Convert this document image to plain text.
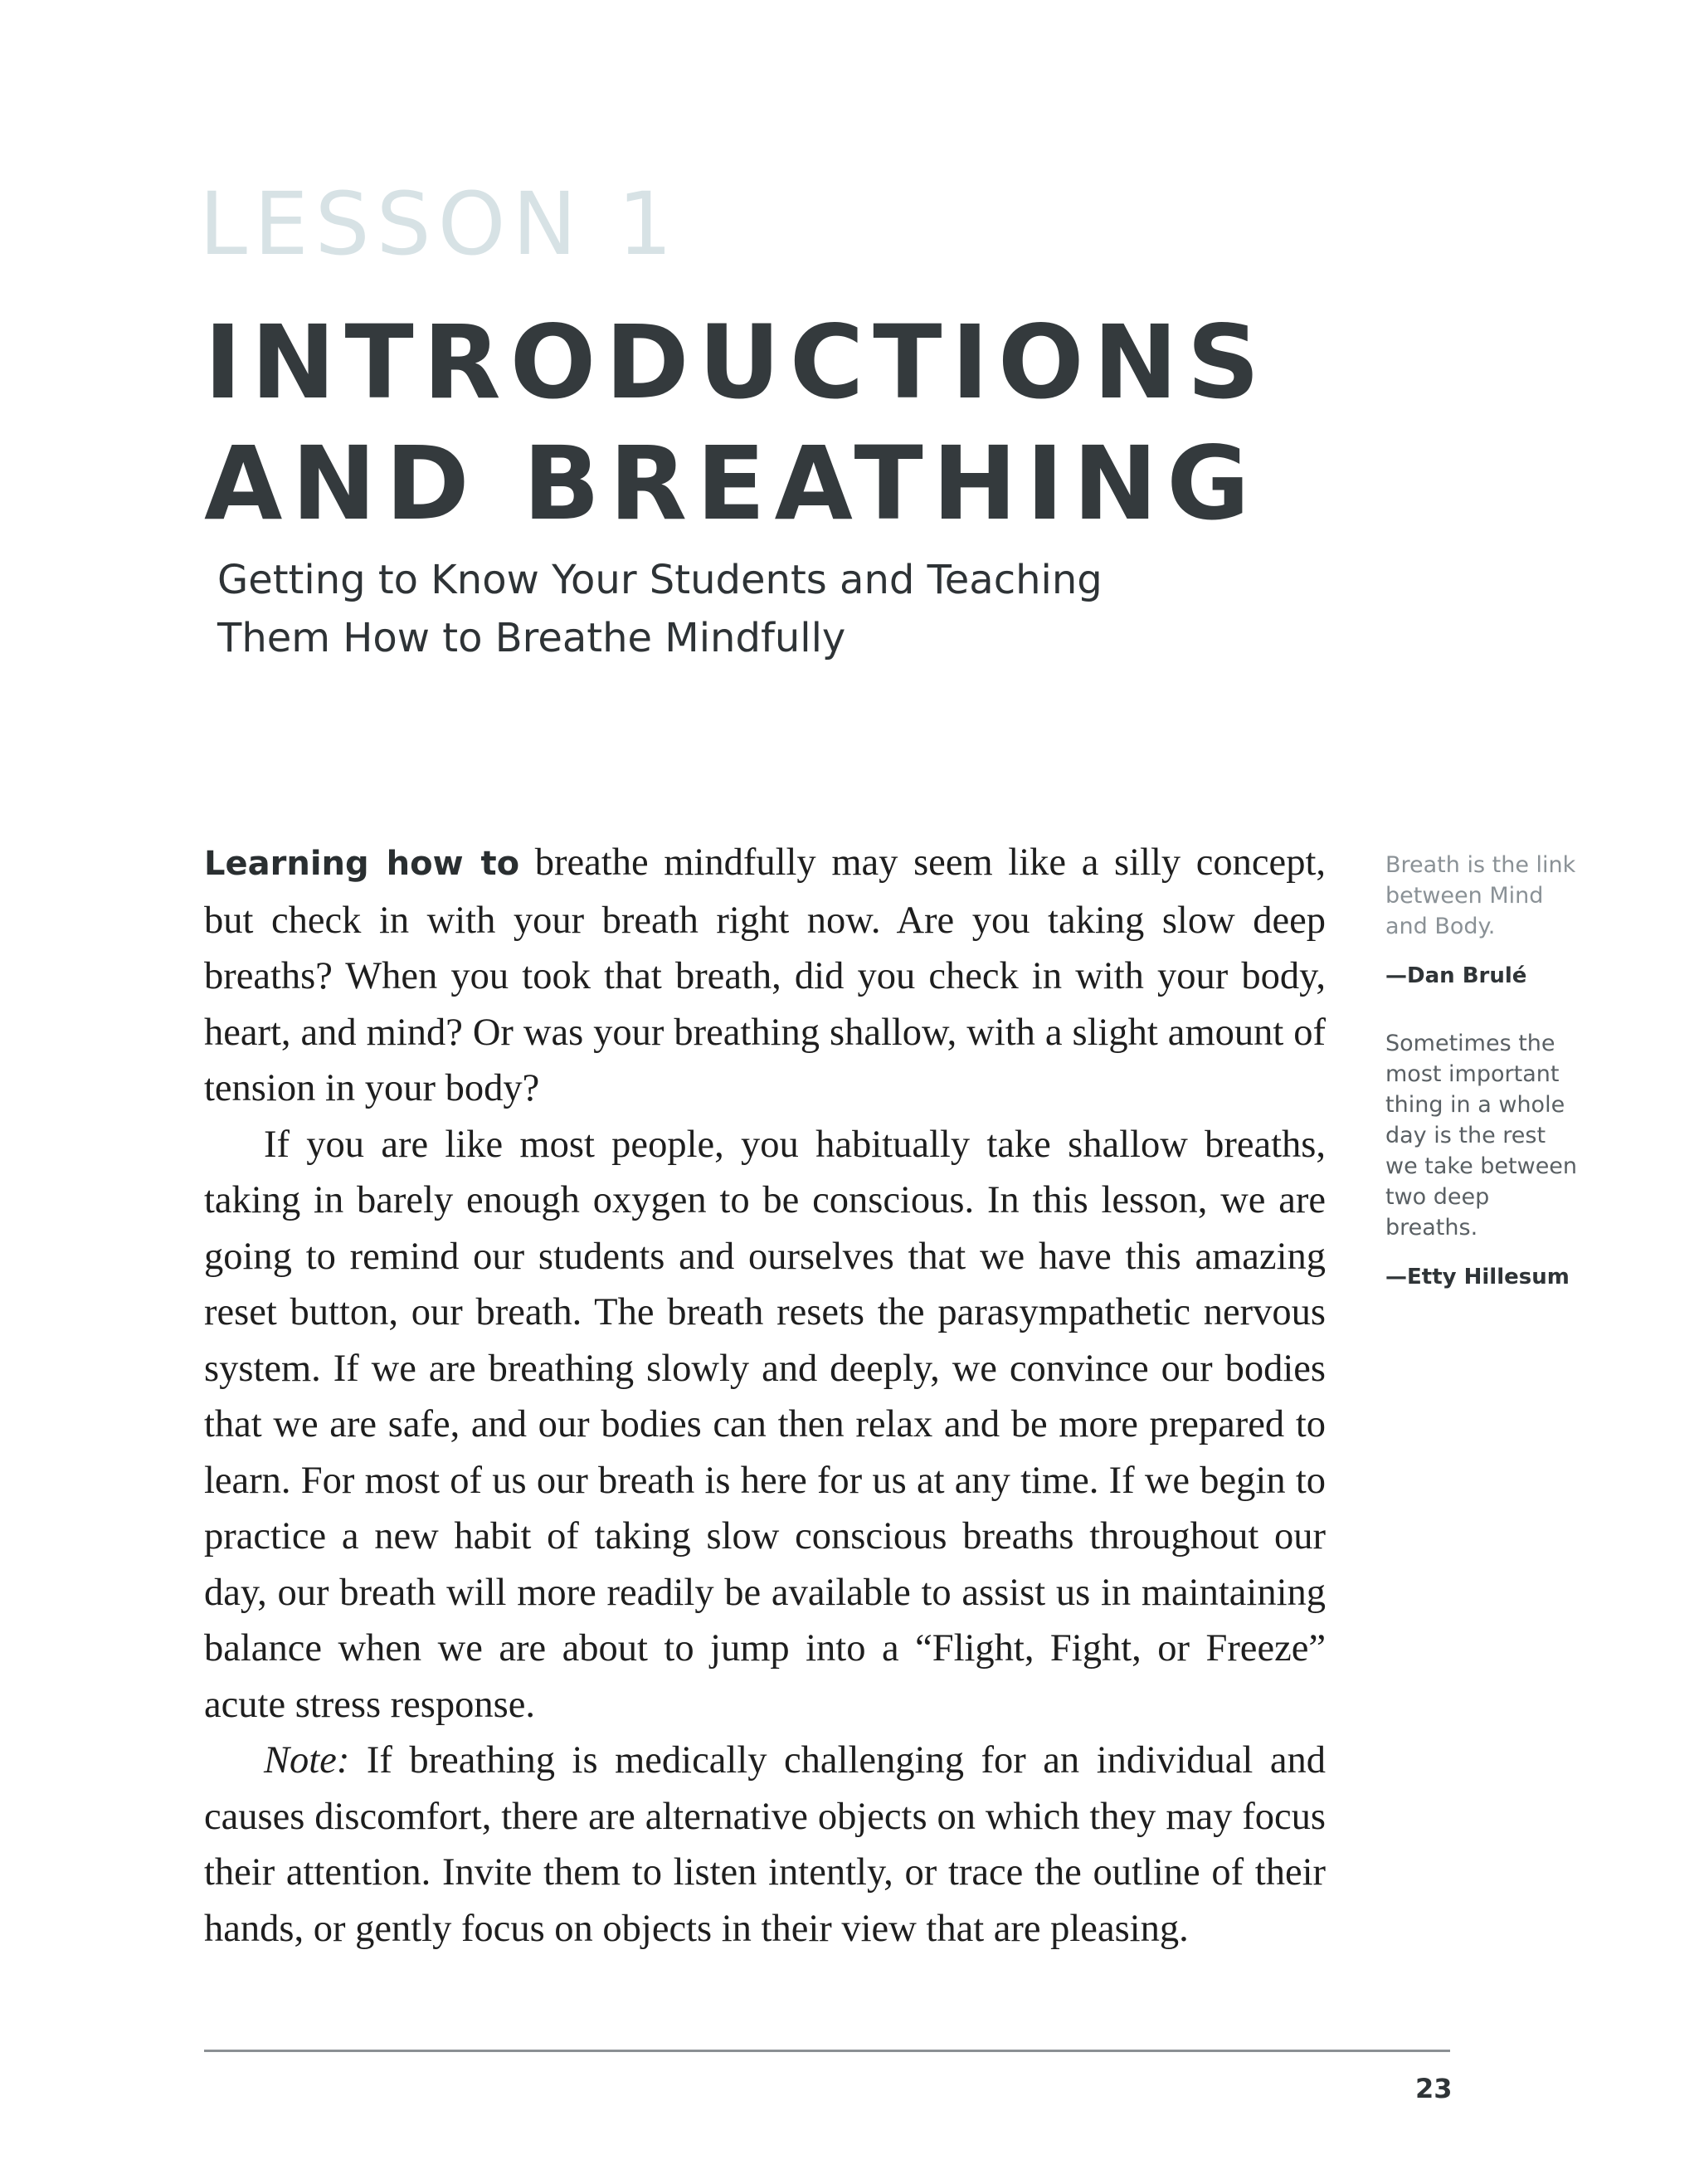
LESSON 1
INTRODUCTIONS
AND BREATHING
Getting to Know Your Students and Teaching
Them How to Breathe Mindfully

Learning how to breathe mindfully may seem like a silly concept, but check in with your breath right now. Are you taking slow deep breaths? When you took that breath, did you check in with your body, heart, and mind? Or was your breathing shallow, with a slight amount of tension in your body?

If you are like most people, you habitually take shallow breaths, taking in barely enough oxygen to be conscious. In this lesson, we are going to remind our students and ourselves that we have this amazing reset button, our breath. The breath resets the parasympathetic nervous system. If we are breathing slowly and deeply, we convince our bodies that we are safe, and our bodies can then relax and be more prepared to learn. For most of us our breath is here for us at any time. If we begin to practice a new habit of taking slow conscious breaths throughout our day, our breath will more readily be available to assist us in maintaining balance when we are about to jump into a “Flight, Fight, or Freeze” acute stress response.

Note: If breathing is medically challenging for an individual and causes discomfort, there are alternative objects on which they may focus their attention. Invite them to listen intently, or trace the outline of their hands, or gently focus on objects in their view that are pleasing.

Breath is the link between Mind and Body.

—Dan Brulé

Sometimes the most important thing in a whole day is the rest we take between two deep breaths.

—Etty Hillesum

23
